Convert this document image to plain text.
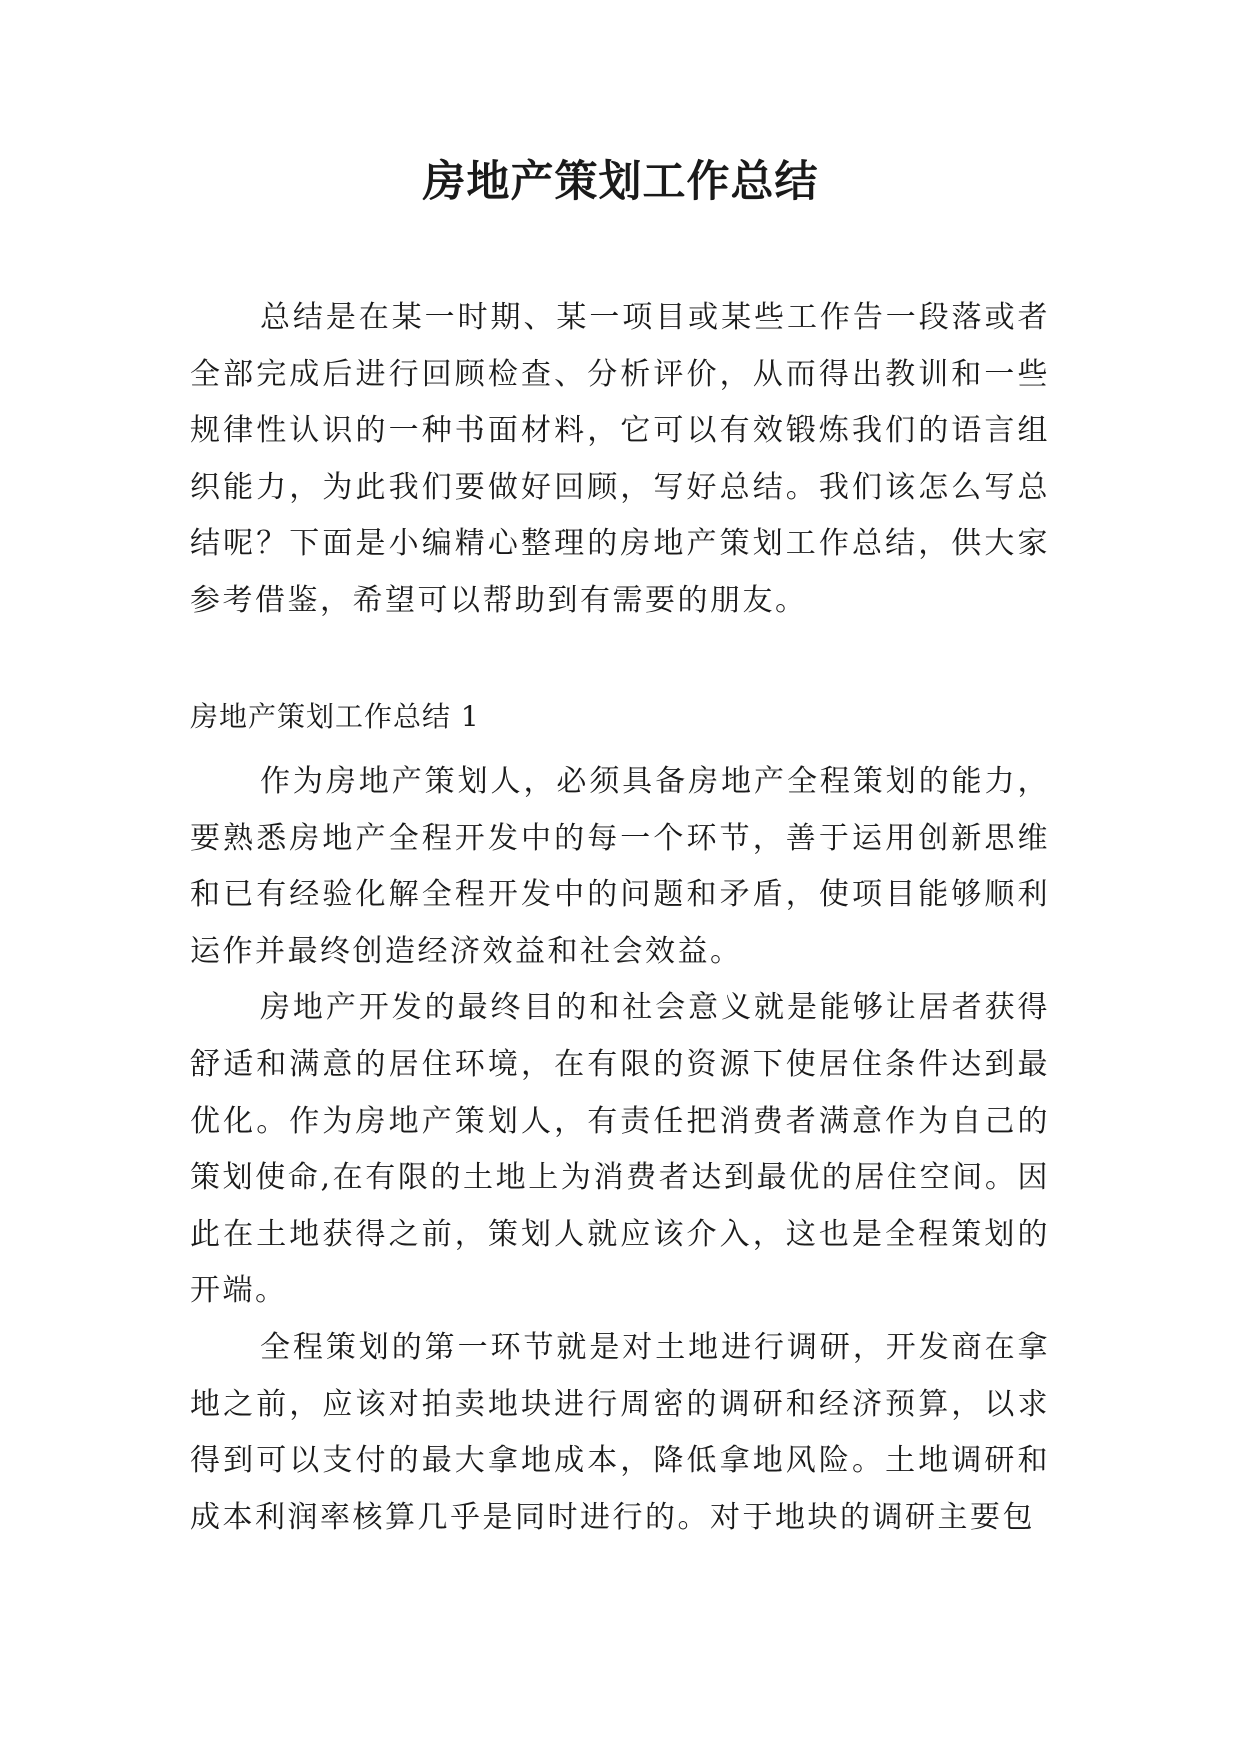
房地产策划工作总结

总结是在某一时期、某一项目或某些工作告一段落或者全部完成后进行回顾检查、分析评价，从而得出教训和一些规律性认识的一种书面材料，它可以有效锻炼我们的语言组织能力，为此我们要做好回顾，写好总结。我们该怎么写总结呢？下面是小编精心整理的房地产策划工作总结，供大家参考借鉴，希望可以帮助到有需要的朋友。

房地产策划工作总结 1

作为房地产策划人，必须具备房地产全程策划的能力，要熟悉房地产全程开发中的每一个环节，善于运用创新思维和已有经验化解全程开发中的问题和矛盾，使项目能够顺利运作并最终创造经济效益和社会效益。

房地产开发的最终目的和社会意义就是能够让居者获得舒适和满意的居住环境，在有限的资源下使居住条件达到最优化。作为房地产策划人，有责任把消费者满意作为自己的策划使命,在有限的土地上为消费者达到最优的居住空间。因此在土地获得之前，策划人就应该介入，这也是全程策划的开端。

全程策划的第一环节就是对土地进行调研，开发商在拿地之前，应该对拍卖地块进行周密的调研和经济预算，以求得到可以支付的最大拿地成本，降低拿地风险。土地调研和成本利润率核算几乎是同时进行的。对于地块的调研主要包
